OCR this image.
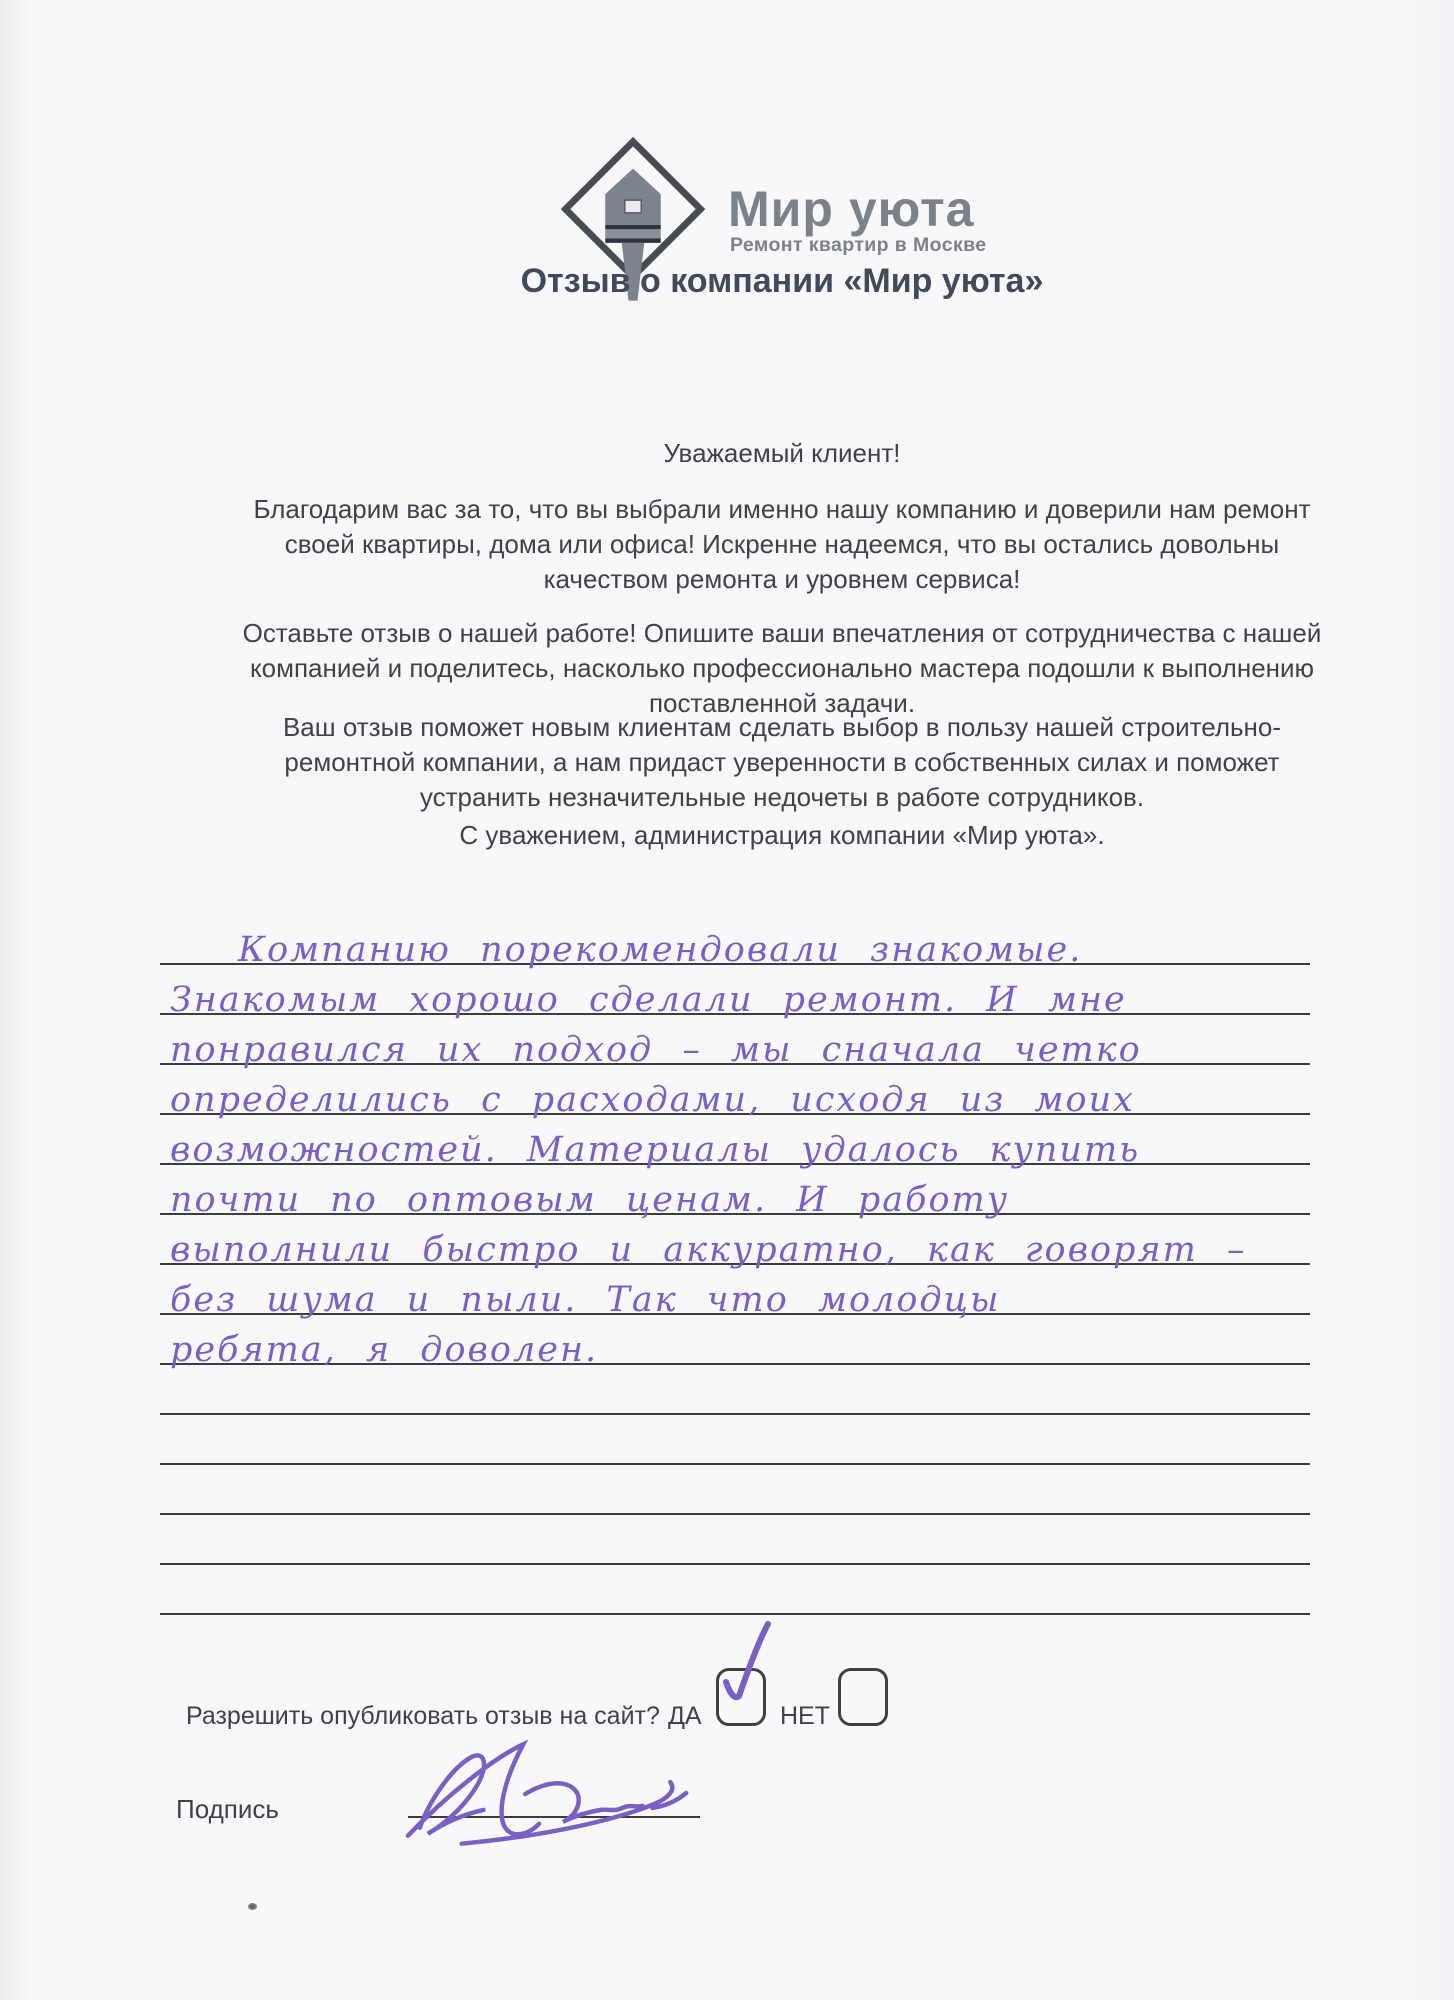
Мир уюта
Ремонт квартир в Москве
Отзыв о компании «Мир уюта»
Уважаемый клиент!
Благодарим вас за то, что вы выбрали именно нашу компанию и доверили нам ремонт своей квартиры, дома или офиса! Искренне надеемся, что вы остались довольны качеством ремонта и уровнем сервиса!
Оставьте отзыв о нашей работе! Опишите ваши впечатления от сотрудничества с нашей компанией и поделитесь, насколько профессионально мастера подошли к выполнению поставленной задачи.
Ваш отзыв поможет новым клиентам сделать выбор в пользу нашей строительно-ремонтной компании, а нам придаст уверенности в собственных силах и поможет устранить незначительные недочеты в работе сотрудников.
С уважением, администрация компании «Мир уюта».
Компанию порекомендовали знакомые.
Знакомым хорошо сделали ремонт. И мне
понравился их подход – мы сначала четко
определились с расходами, исходя из моих
возможностей. Материалы удалось купить
почти по оптовым ценам. И работу
выполнили быстро и аккуратно, как говорят –
без шума и пыли. Так что молодцы
ребята, я доволен.
Разрешить опубликовать отзыв на сайт? ДА	НЕТ
Подпись
